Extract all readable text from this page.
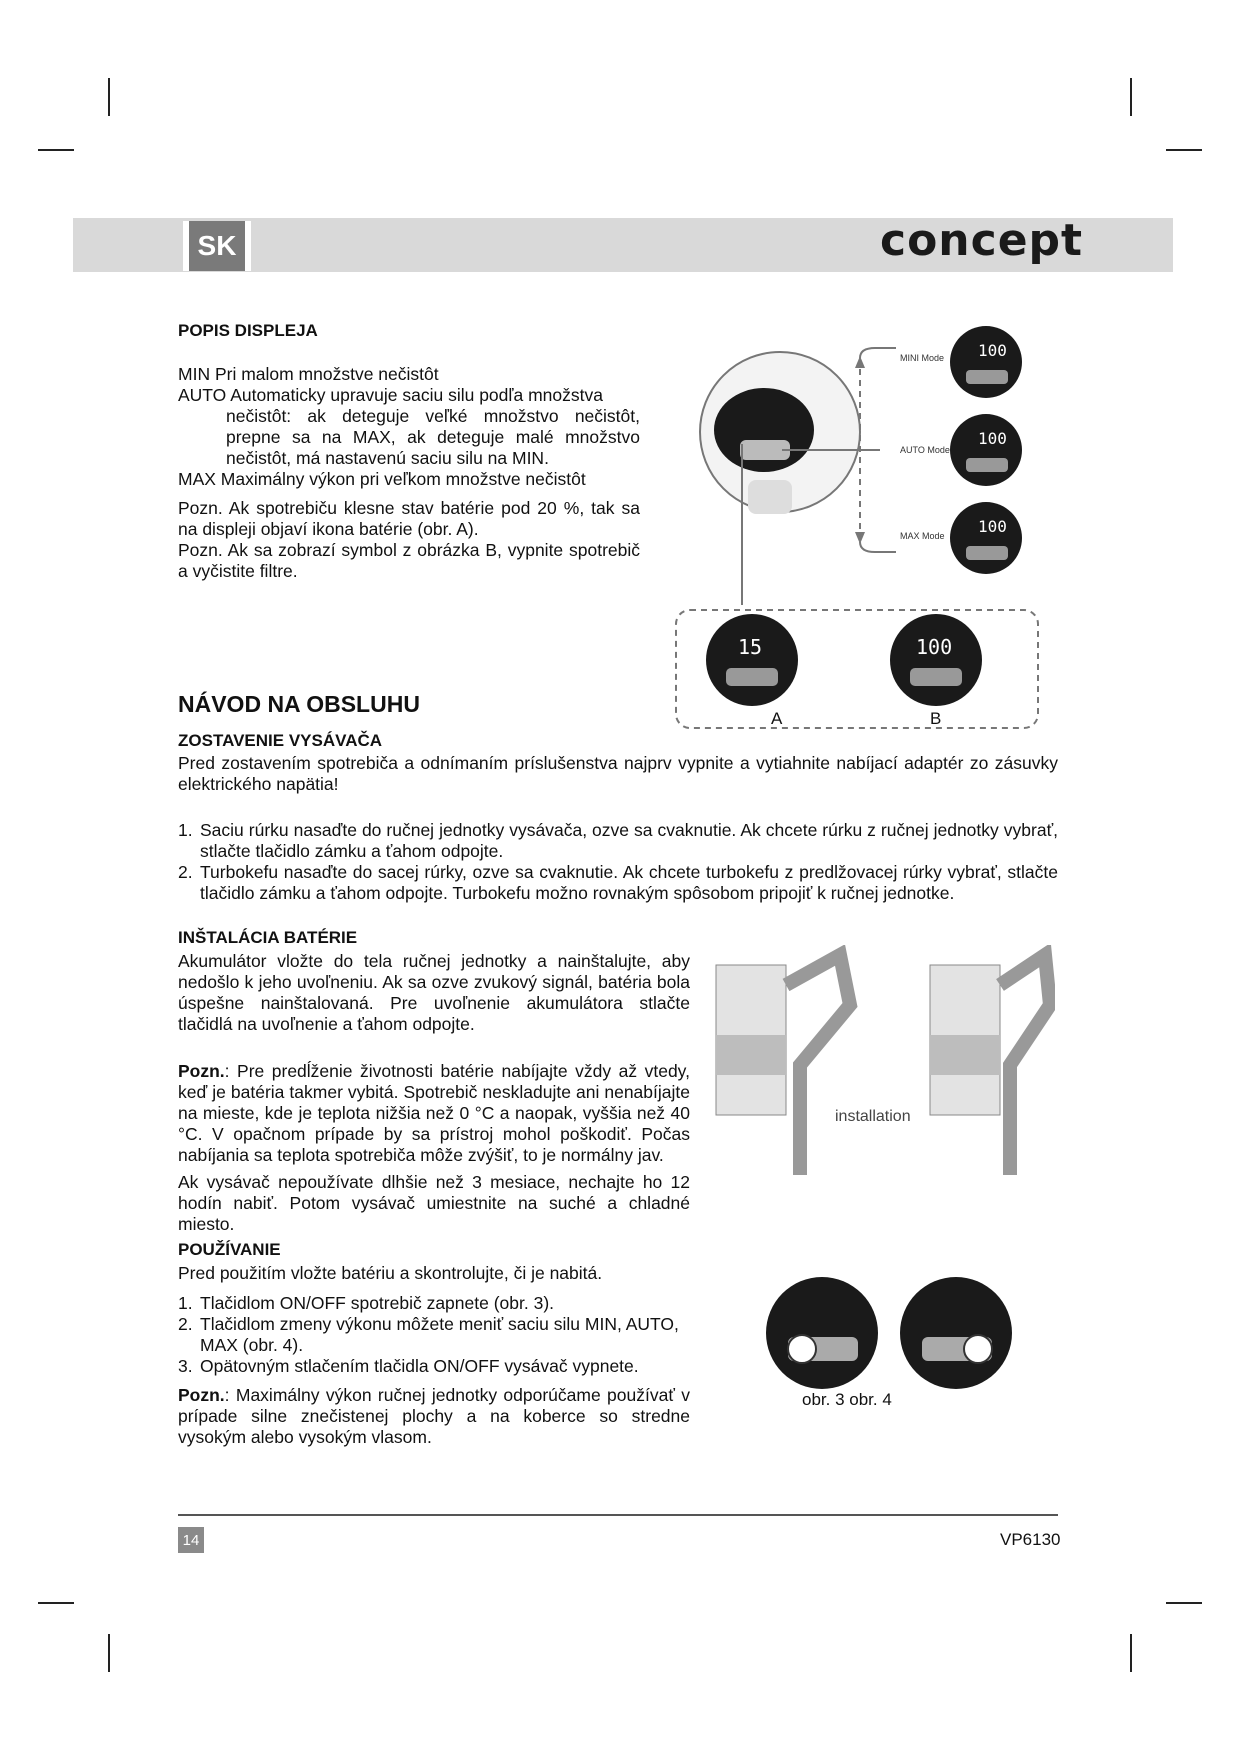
SK	concept
POPIS DISPLEJA
MIN Pri malom množstve nečistôt
AUTO Automaticky upravuje saciu silu podľa množstva
nečistôt: ak deteguje veľké množstvo nečistôt, prepne sa na MAX, ak deteguje malé množstvo nečistôt, má nastavenú saciu silu na MIN.
MAX Maximálny výkon pri veľkom množstve nečistôt
Pozn. Ak spotrebiču klesne stav batérie pod 20 %, tak sa na displeji objaví ikona batérie (obr. A).
Pozn. Ak sa zobrazí symbol z obrázka B, vypnite spotrebič a vyčistite filtre.
MINI Mode
AUTO Mode
MAX Mode
100
100
100
15	100
A	B
NÁVOD NA OBSLUHU
ZOSTAVENIE VYSÁVAČA
Pred zostavením spotrebiča a odnímaním príslušenstva najprv vypnite a vytiahnite nabíjací adaptér zo zásuvky elektrického napätia!
1. Saciu rúrku nasaďte do ručnej jednotky vysávača, ozve sa cvaknutie. Ak chcete rúrku z ručnej jednotky vybrať, stlačte tlačidlo zámku a ťahom odpojte.
2. Turbokefu nasaďte do sacej rúrky, ozve sa cvaknutie. Ak chcete turbokefu z predlžovacej rúrky vybrať, stlačte tlačidlo zámku a ťahom odpojte. Turbokefu možno rovnakým spôsobom pripojiť k ručnej jednotke.
INŠTALÁCIA BATÉRIE
Akumulátor vložte do tela ručnej jednotky a nainštalujte, aby nedošlo k jeho uvoľneniu. Ak sa ozve zvukový signál, batéria bola úspešne nainštalovaná. Pre uvoľnenie akumulátora stlačte tlačidlá na uvoľnenie a ťahom odpojte.
Pozn.: Pre predĺženie životnosti batérie nabíjajte vždy až vtedy, keď je batéria takmer vybitá. Spotrebič neskladujte ani nenabíjajte na mieste, kde je teplota nižšia než 0 °C a naopak, vyššia než 40 °C. V opačnom prípade by sa prístroj mohol poškodiť. Počas nabíjania sa teplota spotrebiča môže zvýšiť, to je normálny jav.
Ak vysávač nepoužívate dlhšie než 3 mesiace, nechajte ho 12 hodín nabiť. Potom vysávač umiestnite na suché a chladné miesto.
installation
POUŽÍVANIE
Pred použitím vložte batériu a skontrolujte, či je nabitá.
1. Tlačidlom ON/OFF spotrebič zapnete (obr. 3).
2. Tlačidlom zmeny výkonu môžete meniť saciu silu MIN, AUTO, MAX (obr. 4).
3. Opätovným stlačením tlačidla ON/OFF vysávač vypnete.
Pozn.: Maximálny výkon ručnej jednotky odporúčame používať v prípade silne znečistenej plochy a na koberce so stredne vysokým alebo vysokým vlasom.
obr. 3 obr. 4
14	VP6130
